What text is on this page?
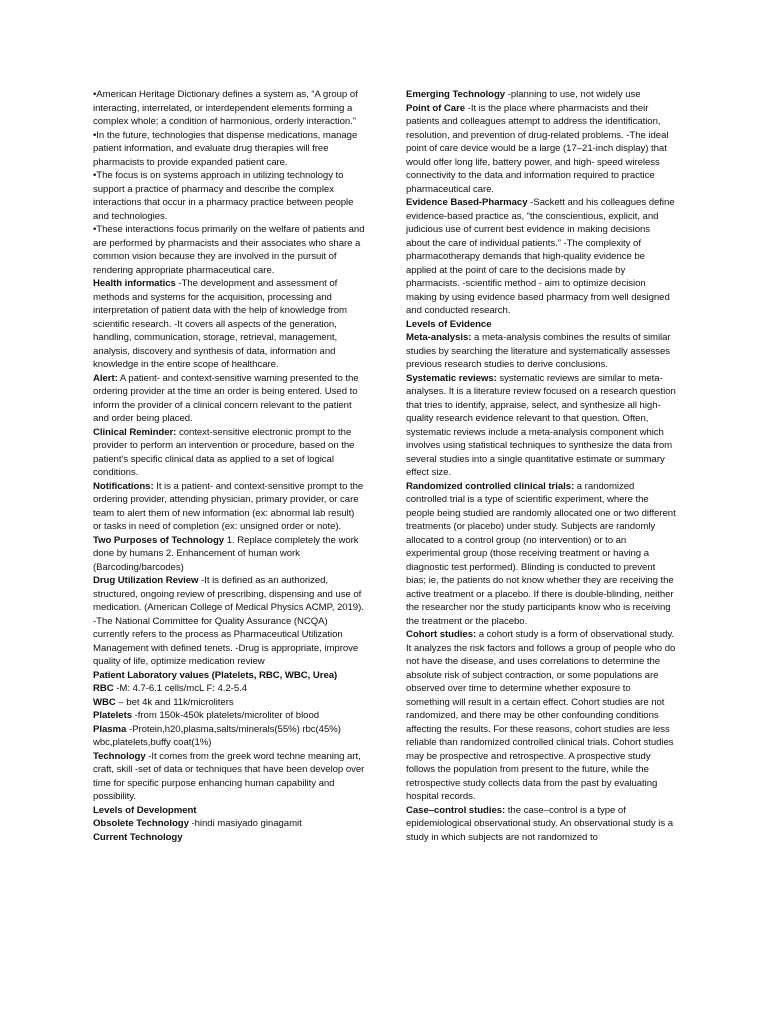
•American Heritage Dictionary defines a system as, “A group of interacting, interrelated, or interdependent elements forming a complex whole; a condition of harmonious, orderly interaction.”

•In the future, technologies that dispense medications, manage patient information, and evaluate drug therapies will free pharmacists to provide expanded patient care.

•The focus is on systems approach in utilizing technology to support a practice of pharmacy and describe the complex interactions that occur in a pharmacy practice between people and technologies.

•These interactions focus primarily on the welfare of patients and are performed by pharmacists and their associates who share a common vision because they are involved in the pursuit of rendering appropriate pharmaceutical care.

Health informatics -The development and assessment of methods and systems for the acquisition, processing and interpretation of patient data with the help of knowledge from scientific research. -It covers all aspects of the generation, handling, communication, storage, retrieval, management, analysis, discovery and synthesis of data, information and knowledge in the entire scope of healthcare.

Alert: A patient- and context-sensitive warning presented to the ordering provider at the time an order is being entered. Used to inform the provider of a clinical concern relevant to the patient and order being placed.

Clinical Reminder: context-sensitive electronic prompt to the provider to perform an intervention or procedure, based on the patient’s specific clinical data as applied to a set of logical conditions.

Notifications: It is a patient- and context-sensitive prompt to the ordering provider, attending physician, primary provider, or care team to alert them of new information (ex: abnormal lab result) or tasks in need of completion (ex: unsigned order or note).

Two Purposes of Technology 1. Replace completely the work done by humans 2. Enhancement of human work (Barcoding/barcodes)

Drug Utilization Review -It is defined as an authorized, structured, ongoing review of prescribing, dispensing and use of medication. (American College of Medical Physics ACMP, 2019). -The National Committee for Quality Assurance (NCQA) currently refers to the process as Pharmaceutical Utilization Management with defined tenets. -Drug is appropriate, improve quality of life, optimize medication review

Patient Laboratory values (Platelets, RBC, WBC, Urea)

RBC -M: 4.7-6.1 cells/mcL F: 4.2-5.4

WBC – bet 4k and 11k/microliters

Platelets -from 150k-450k platelets/microliter of blood

Plasma -Protein,h20,plasma,salts/minerals(55%) rbc(45%) wbc,platelets,buffy coat(1%)

Technology -It comes from the greek word techne meaning art, craft, skill -set of data or techniques that have been develop over time for specific purpose enhancing human capability and possibility.

Levels of Development

Obsolete Technology -hindi masiyado ginagamit

Current Technology

Emerging Technology -planning to use, not widely use

Point of Care -It is the place where pharmacists and their patients and colleagues attempt to address the identification, resolution, and prevention of drug-related problems. -The ideal point of care device would be a large (17–21-inch display) that would offer long life, battery power, and high- speed wireless connectivity to the data and information required to practice pharmaceutical care.

Evidence Based-Pharmacy -Sackett and his colleagues define evidence-based practice as, “the conscientious, explicit, and judicious use of current best evidence in making decisions about the care of individual patients.” -The complexity of pharmacotherapy demands that high-quality evidence be applied at the point of care to the decisions made by pharmacists. -scientific method - aim to optimize decision making by using evidence based pharmacy from well designed and conducted research.

Levels of Evidence

Meta-analysis: a meta-analysis combines the results of similar studies by searching the literature and systematically assesses previous research studies to derive conclusions.

Systematic reviews: systematic reviews are similar to meta-analyses. It is a literature review focused on a research question that tries to identify, appraise, select, and synthesize all high-quality research evidence relevant to that question. Often, systematic reviews include a meta-analysis component which involves using statistical techniques to synthesize the data from several studies into a single quantitative estimate or summary effect size.

Randomized controlled clinical trials: a randomized controlled trial is a type of scientific experiment, where the people being studied are randomly allocated one or two different treatments (or placebo) under study. Subjects are randomly allocated to a control group (no intervention) or to an experimental group (those receiving treatment or having a diagnostic test performed). Blinding is conducted to prevent bias; ie, the patients do not know whether they are receiving the active treatment or a placebo. If there is double-blinding, neither the researcher nor the study participants know who is receiving the treatment or the placebo.

Cohort studies: a cohort study is a form of observational study. It analyzes the risk factors and follows a group of people who do not have the disease, and uses correlations to determine the absolute risk of subject contraction, or some populations are observed over time to determine whether exposure to something will result in a certain effect. Cohort studies are not randomized, and there may be other confounding conditions affecting the results. For these reasons, cohort studies are less reliable than randomized controlled clinical trials. Cohort studies may be prospective and retrospective. A prospective study follows the population from present to the future, while the retrospective study collects data from the past by evaluating hospital records.

Case–control studies: the case–control is a type of epidemiological observational study. An observational study is a study in which subjects are not randomized to
